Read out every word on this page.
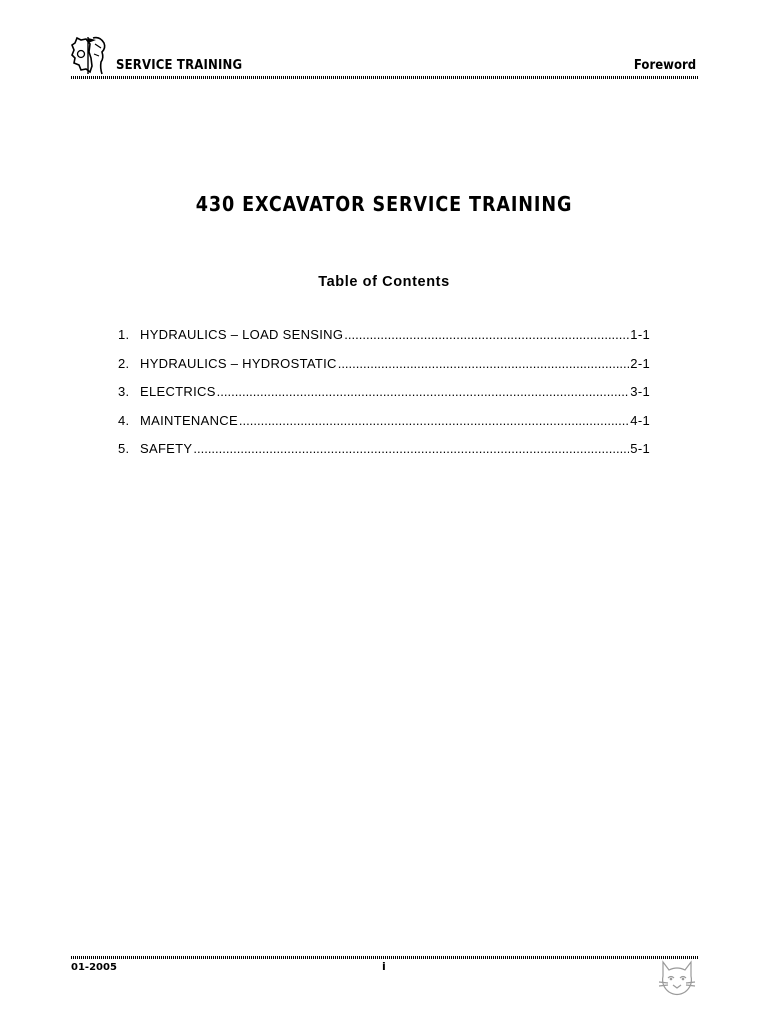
SERVICE TRAINING	Foreword
430 EXCAVATOR SERVICE TRAINING
Table of Contents
1. HYDRAULICS – LOAD SENSING .....	1-1
2. HYDRAULICS – HYDROSTATIC .....	2-1
3. ELECTRICS .....	3-1
4. MAINTENANCE .....	4-1
5. SAFETY .....	5-1
01-2005	i
